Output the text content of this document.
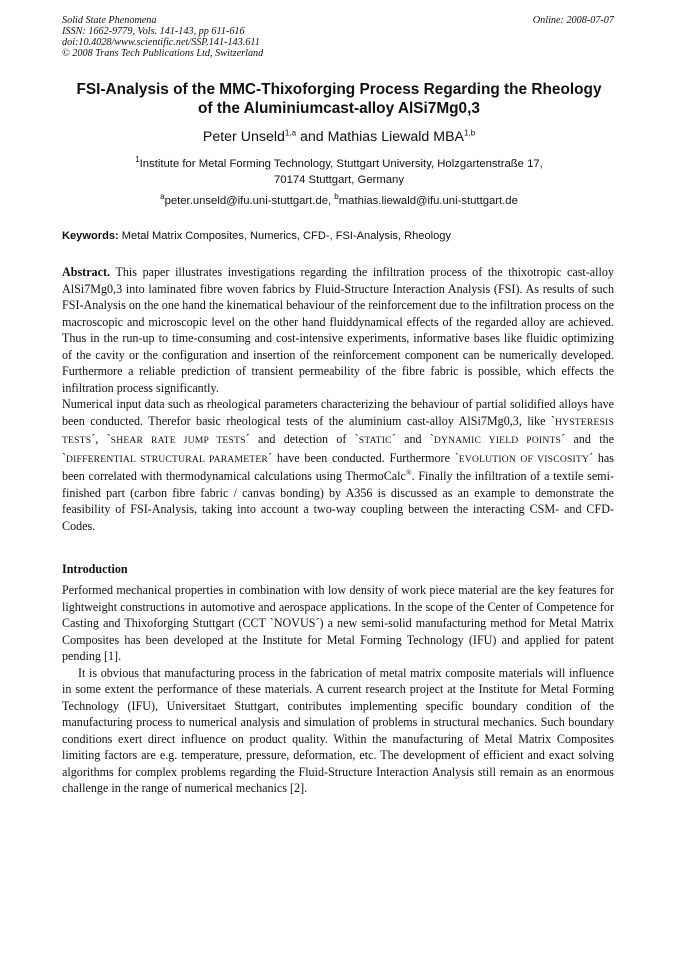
Solid State Phenomena
ISSN: 1662-9779, Vols. 141-143, pp 611-616
doi:10.4028/www.scientific.net/SSP.141-143.611
© 2008 Trans Tech Publications Ltd, Switzerland
Online: 2008-07-07
FSI-Analysis of the MMC-Thixoforging Process Regarding the Rheology
of the Aluminiumcast-alloy AlSi7Mg0,3
Peter Unseld$^{1,a}$ and Mathias Liewald MBA$^{1,b}$
$^1$Institute for Metal Forming Technology, Stuttgart University, Holzgartenstraße 17,
70174 Stuttgart, Germany
$^a$peter.unseld@ifu.uni-stuttgart.de, $^b$mathias.liewald@ifu.uni-stuttgart.de
Keywords: Metal Matrix Composites, Numerics, CFD-, FSI-Analysis, Rheology

Abstract. This paper illustrates investigations regarding the infiltration process of the thixotropic cast-alloy AlSi7Mg0,3 into laminated fibre woven fabrics by Fluid-Structure Interaction Analysis (FSI). As results of such FSI-Analysis on the one hand the kinematical behaviour of the reinforcement due to the infiltration process on the macroscopic and microscopic level on the other hand fluiddynamical effects of the regarded alloy are achieved. Thus in the run-up to time-consuming and cost-intensive experiments, informative bases like fluidic optimizing of the cavity or the configuration and insertion of the reinforcement component can be numerically developed. Furthermore a reliable prediction of transient permeability of the fibre fabric is possible, which effects the infiltration process significantly.

Numerical input data such as rheological parameters characterizing the behaviour of partial solidified alloys have been conducted. Therefor basic rheological tests of the aluminium cast-alloy AlSi7Mg0,3, like `HYSTERESIS TESTS´, `SHEAR RATE JUMP TESTS´ and detection of `STATIC´ and `DYNAMIC YIELD POINTS´ and the `DIFFERENTIAL STRUCTURAL PARAMETER´ have been conducted. Furthermore `EVOLUTION OF VISCOSITY´ has been correlated with thermodynamical calculations using ThermoCalc®. Finally the infiltration of a textile semi-finished part (carbon fibre fabric / canvas bonding) by A356 is discussed as an example to demonstrate the feasibility of FSI-Analysis, taking into account a two-way coupling between the interacting CSM- and CFD-Codes.

Introduction

Performed mechanical properties in combination with low density of work piece material are the key features for lightweight constructions in automotive and aerospace applications. In the scope of the Center of Competence for Casting and Thixoforging Stuttgart (CCT `NOVUS´) a new semi-solid manufacturing method for Metal Matrix Composites has been developed at the Institute for Metal Forming Technology (IFU) and applied for patent pending [1].

It is obvious that manufacturing process in the fabrication of metal matrix composite materials will influence in some extent the performance of these materials. A current research project at the Institute for Metal Forming Technology (IFU), Universitaet Stuttgart, contributes implementing specific boundary condition of the manufacturing process to numerical analysis and simulation of problems in structural mechanics. Such boundary conditions exert direct influence on product quality. Within the manufacturing of Metal Matrix Composites limiting factors are e.g. temperature, pressure, deformation, etc. The development of efficient and exact solving algorithms for complex problems regarding the Fluid-Structure Interaction Analysis still remain as an enormous challenge in the range of numerical mechanics [2].
